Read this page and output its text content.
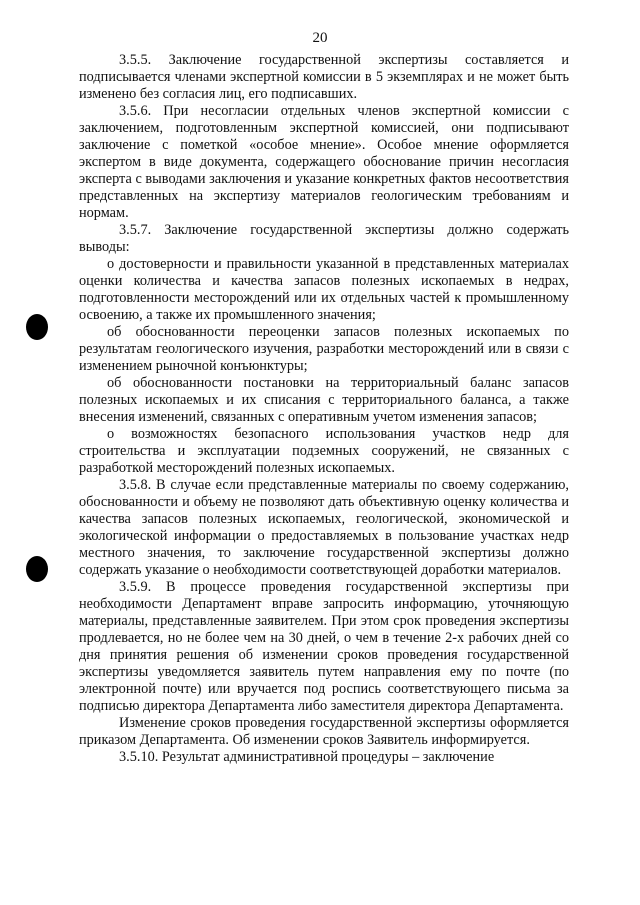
20

3.5.5. Заключение государственной экспертизы составляется и подписывается членами экспертной комиссии в 5 экземплярах и не может быть изменено без согласия лиц, его подписавших.

3.5.6. При несогласии отдельных членов экспертной комиссии с заключением, подготовленным экспертной комиссией, они подписывают заключение с пометкой «особое мнение». Особое мнение оформляется экспертом в виде документа, содержащего обоснование причин несогласия эксперта с выводами заключения и указание конкретных фактов несоответствия представленных на экспертизу материалов геологическим требованиям и нормам.

3.5.7. Заключение государственной экспертизы должно содержать выводы:

о достоверности и правильности указанной в представленных материалах оценки количества и качества запасов полезных ископаемых в недрах, подготовленности месторождений или их отдельных частей к промышленному освоению, а также их промышленного значения;

об обоснованности переоценки запасов полезных ископаемых по результатам геологического изучения, разработки месторождений или в связи с изменением рыночной конъюнктуры;

об обоснованности постановки на территориальный баланс запасов полезных ископаемых и их списания с территориального баланса, а также внесения изменений, связанных с оперативным учетом изменения запасов;

о возможностях безопасного использования участков недр для строительства и эксплуатации подземных сооружений, не связанных с разработкой месторождений полезных ископаемых.

3.5.8. В случае если представленные материалы по своему содержанию, обоснованности и объему не позволяют дать объективную оценку количества и качества запасов полезных ископаемых, геологической, экономической и экологической информации о предоставляемых в пользование участках недр местного значения, то заключение государственной экспертизы должно содержать указание о необходимости соответствующей доработки материалов.

3.5.9. В процессе проведения государственной экспертизы при необходимости Департамент вправе запросить информацию, уточняющую материалы, представленные заявителем. При этом срок проведения экспертизы продлевается, но не более чем на 30 дней, о чем в течение 2-х рабочих дней со дня принятия решения об изменении сроков проведения государственной экспертизы уведомляется заявитель путем направления ему по почте (по электронной почте) или вручается под роспись соответствующего письма за подписью директора Департамента либо заместителя директора Департамента.

Изменение сроков проведения государственной экспертизы оформляется приказом Департамента. Об изменении сроков Заявитель информируется.

3.5.10. Результат административной процедуры – заключение
